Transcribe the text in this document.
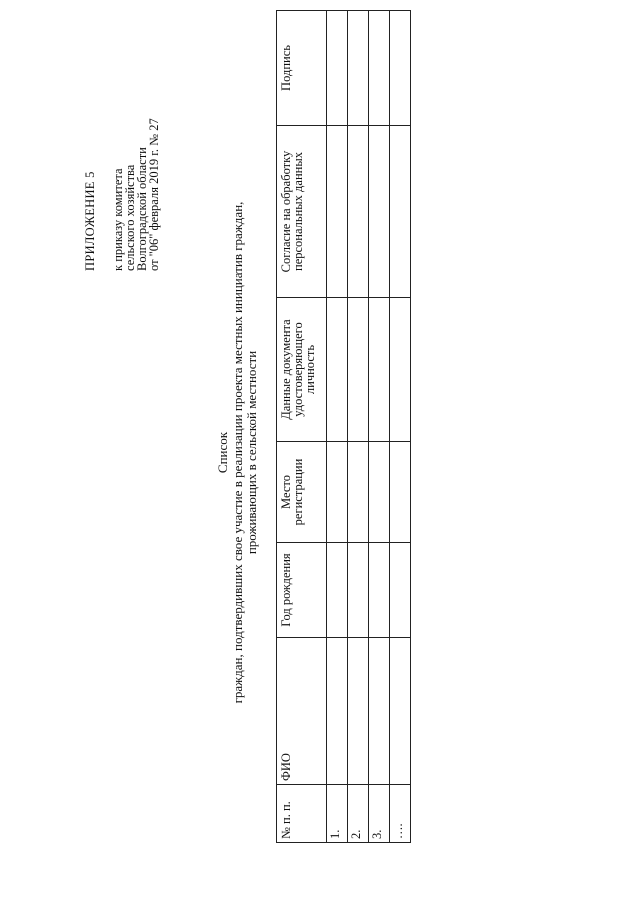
ПРИЛОЖЕНИЕ 5 к приказу комитета
сельского хозяйства
Волгоградской области
от "06" февраля 2019 г. № 27
Список граждан, подтвердивших свое участие в реализации проекта местных инициатив граждан, проживающих в сельской местности
№ п. п.	ФИО	Год рождения	Место регистрации	Данные документа удостоверяющего личность	Согласие на обработку персональных данных	Подпись
1.						
2.						
3.						
….						
